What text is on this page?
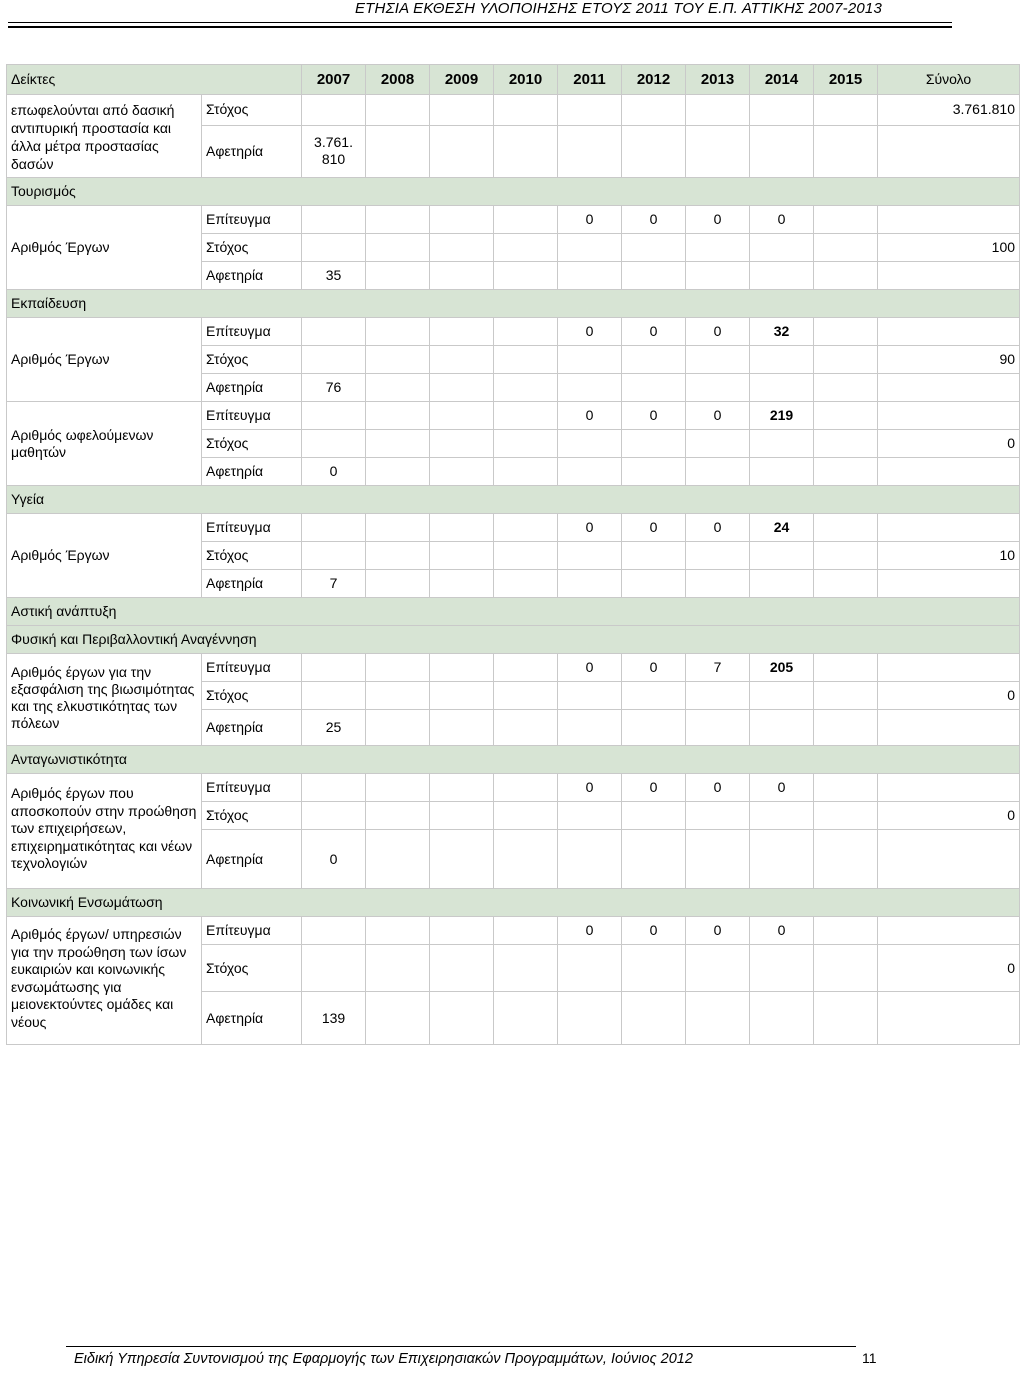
ΕΤΗΣΙΑ ΕΚΘΕΣΗ ΥΛΟΠΟΙΗΣΗΣ ΕΤΟΥΣ 2011 ΤΟΥ Ε.Π. ΑΤΤΙΚΗΣ 2007-2013
Δείκτες		2007	2008	2009	2010	2011	2012	2013	2014	2015	Σύνολο
επωφελούνται από δασική αντιπυρική προστασία και άλλα μέτρα προστασίας δασών	Στόχος										3.761.810
	Αφετηρία	3.761. 810									
Τουρισμός											
Αριθμός Έργων	Επίτευγμα					0	0	0	0		
	Στόχος										100
	Αφετηρία	35									
Εκπαίδευση											
Αριθμός Έργων	Επίτευγμα					0	0	0	32		
	Στόχος										90
	Αφετηρία	76									
Αριθμός ωφελούμενων μαθητών	Επίτευγμα					0	0	0	219		
	Στόχος										0
	Αφετηρία	0									
Υγεία											
Αριθμός Έργων	Επίτευγμα					0	0	0	24		
	Στόχος										10
	Αφετηρία	7									
Αστική ανάπτυξη											
Φυσική και Περιβαλλοντική Αναγέννηση											
Αριθμός έργων για την εξασφάλιση της βιωσιμότητας και της ελκυστικότητας των πόλεων	Επίτευγμα					0	0	7	205		
	Στόχος										0
	Αφετηρία	25									
Ανταγωνιστικότητα											
Αριθμός έργων που αποσκοπούν στην προώθηση των επιχειρήσεων, επιχειρηματικότητας και νέων τεχνολογιών	Επίτευγμα					0	0	0	0		
	Στόχος										0
	Αφετηρία	0									
Κοινωνική Ενσωμάτωση											
Αριθμός έργων/ υπηρεσιών για την προώθηση των ίσων ευκαιριών και κοινωνικής ενσωμάτωσης για μειονεκτούντες ομάδες και νέους	Επίτευγμα					0	0	0	0		
	Στόχος										0
	Αφετηρία	139									
Ειδική Υπηρεσία Συντονισμού της Εφαρμογής των Επιχειρησιακών Προγραμμάτων, Ιούνιος 2012	11
